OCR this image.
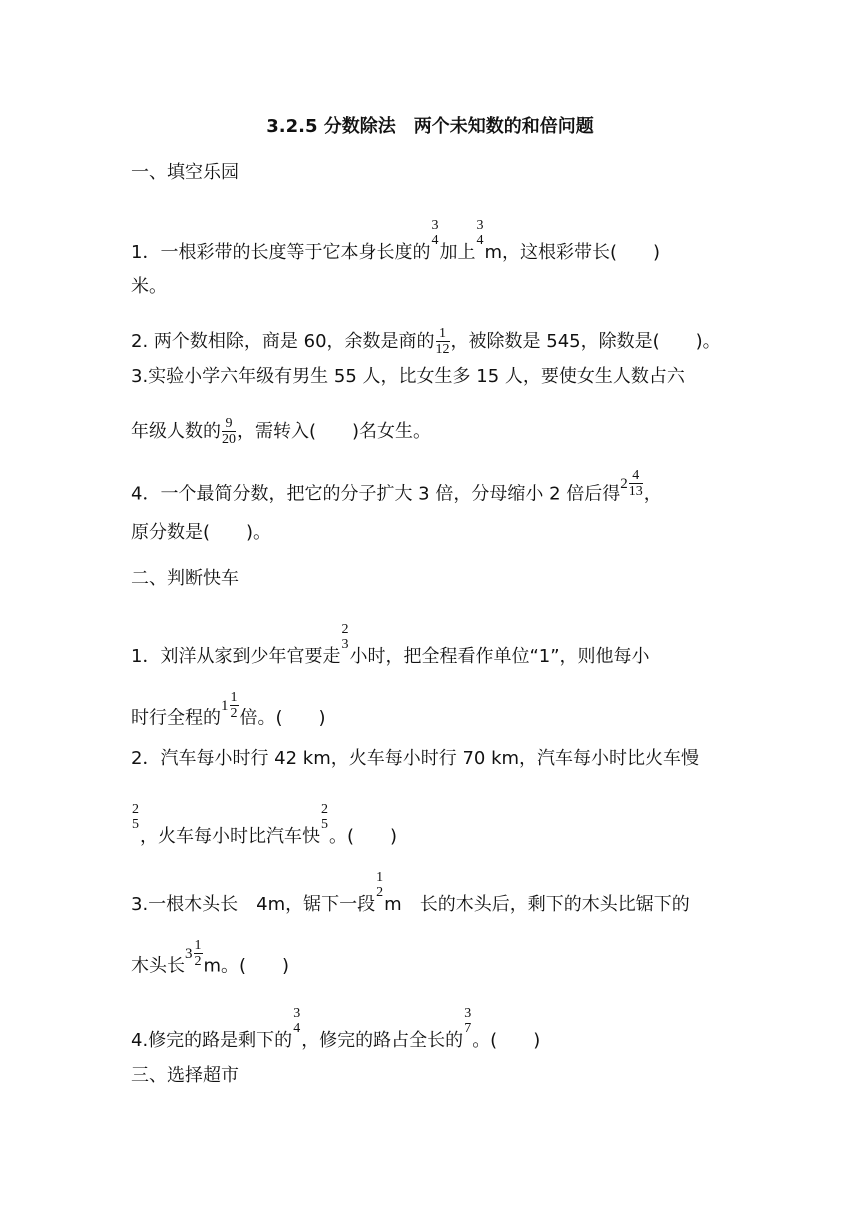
3.2.5 分数除法　两个未知数的和倍问题
一、填空乐园
1．一根彩带的长度等于它本身长度的
3
4
加上
3
4
m，这根彩带长(　　)
米。
2. 两个数相除，商是 60，余数是商的 $\frac{1}{12}$ ，被除数是 545，除数是(　　)。
3.实验小学六年级有男生 55 人，比女生多 15 人，要使女生人数占六
年级人数的 $\frac{9}{20}$ ，需转入(　　)名女生。
4．一个最简分数，把它的分子扩大 3 倍，分母缩小 2 倍后得 $2 \frac{4}{13}$ ，
原分数是(　　)。
二、判断快车
1．刘洋从家到少年官要走
2
3
小时，把全程看作单位“1”，则他每小
时行全程的
$1 \frac{1}{2}$ 倍。(　　)
2．汽车每小时行 42 km，火车每小时行 70 km，汽车每小时比火车慢
2
5
，火车每小时比汽车快
2
5
。(　　)
3.一根木头长　4m，锯下一段
1
2
m　长的木头后，剩下的木头比锯下的
木头长
$3 \frac{1}{2}$ m。(　　)
4.修完的路是剩下的
3
4
，修完的路占全长的
3
7
。(　　)
三、选择超市
